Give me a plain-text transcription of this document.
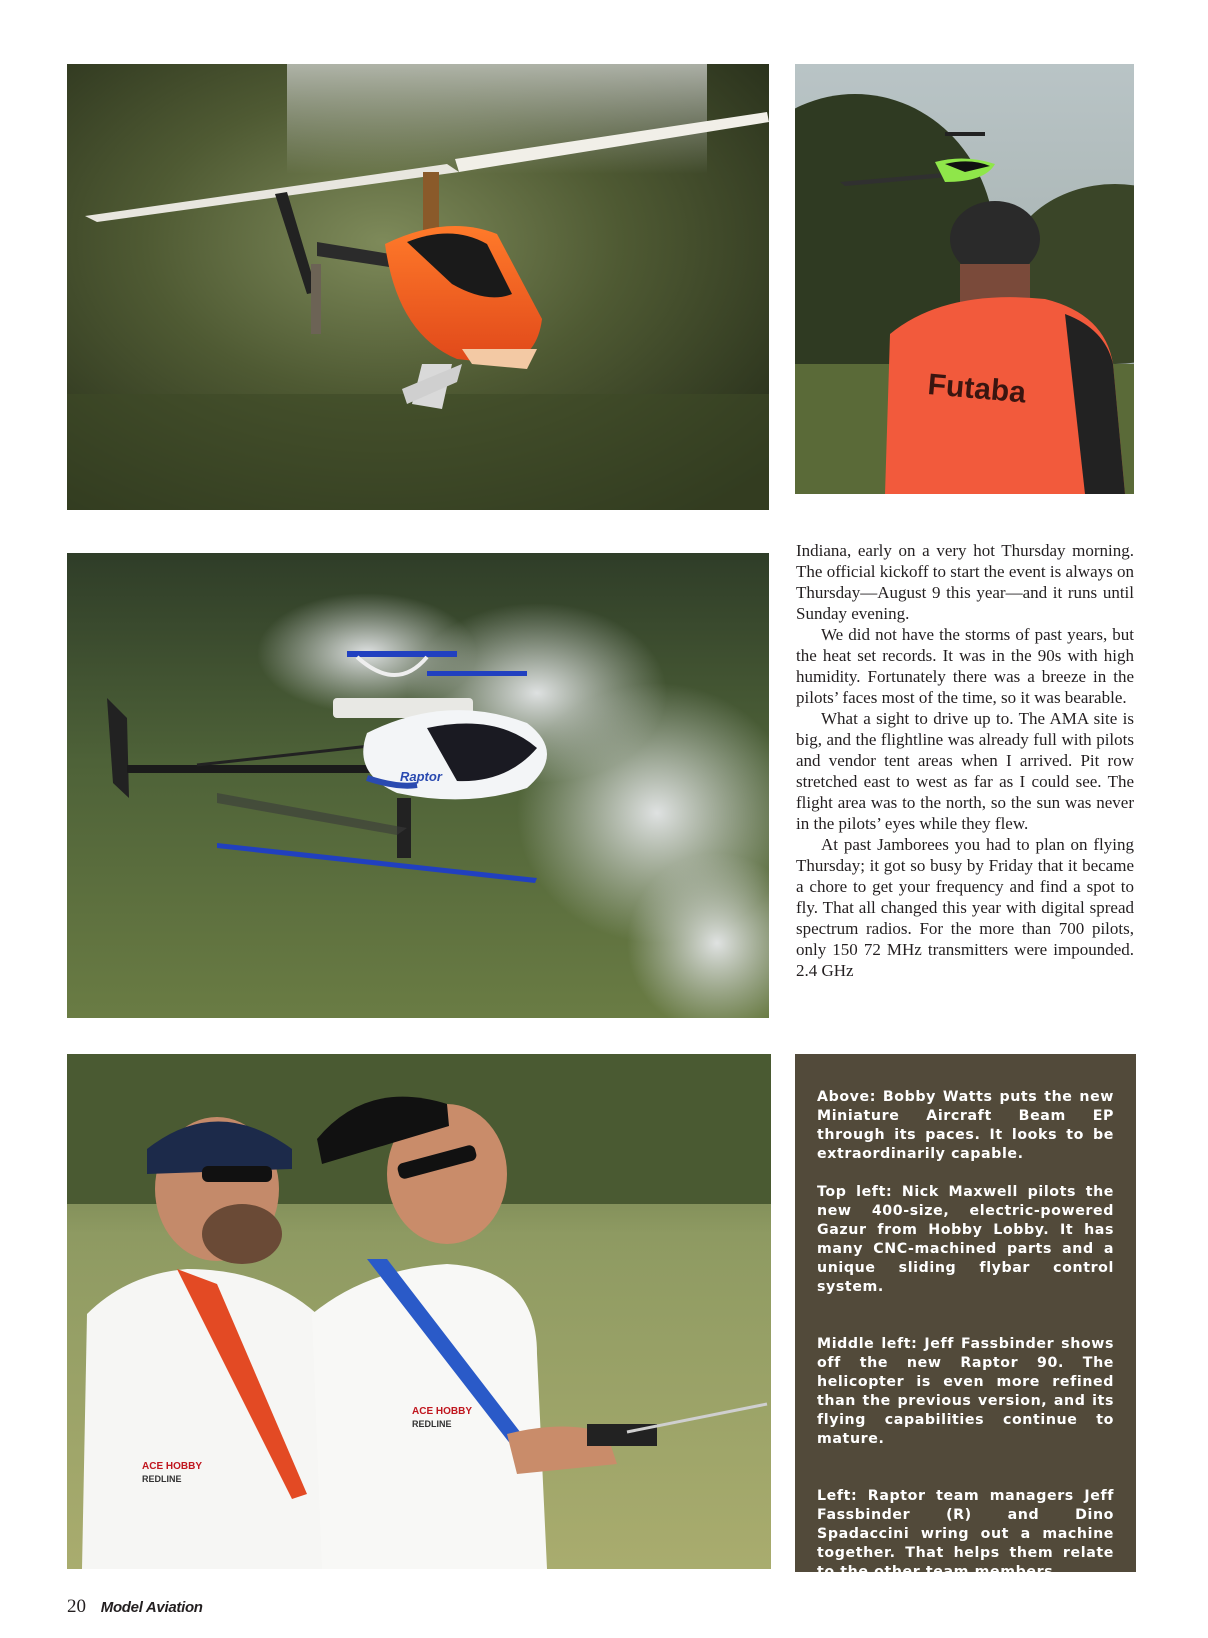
Futaba
Raptor
ACE HOBBY
REDLINE
ACE HOBBY
REDLINE

Indiana, early on a very hot Thursday morning. The official kickoff to start the event is always on Thursday—August 9 this year—and it runs until Sunday evening.

We did not have the storms of past years, but the heat set records. It was in the 90s with high humidity. Fortunately there was a breeze in the pilots’ faces most of the time, so it was bearable.

What a sight to drive up to. The AMA site is big, and the flightline was already full with pilots and vendor tent areas when I arrived. Pit row stretched east to west as far as I could see. The flight area was to the north, so the sun was never in the pilots’ eyes while they flew.

At past Jamborees you had to plan on flying Thursday; it got so busy by Friday that it became a chore to get your frequency and find a spot to fly. That all changed this year with digital spread spectrum radios. For the more than 700 pilots, only 150 72 MHz transmitters were impounded. 2.4 GHz

Above: Bobby Watts puts the new Miniature Aircraft Beam EP through its paces. It looks to be extraordinarily capable.

Top left: Nick Maxwell pilots the new 400-size, electric-powered Gazur from Hobby Lobby. It has many CNC-machined parts and a unique sliding flybar control system.

Middle left: Jeff Fassbinder shows off the new Raptor 90. The helicopter is even more refined than the previous version, and its flying capabilities continue to mature.

Left: Raptor team managers Jeff Fassbinder (R) and Dino Spadaccini wring out a machine together. That helps them relate to the other team members.

20 Model Aviation
